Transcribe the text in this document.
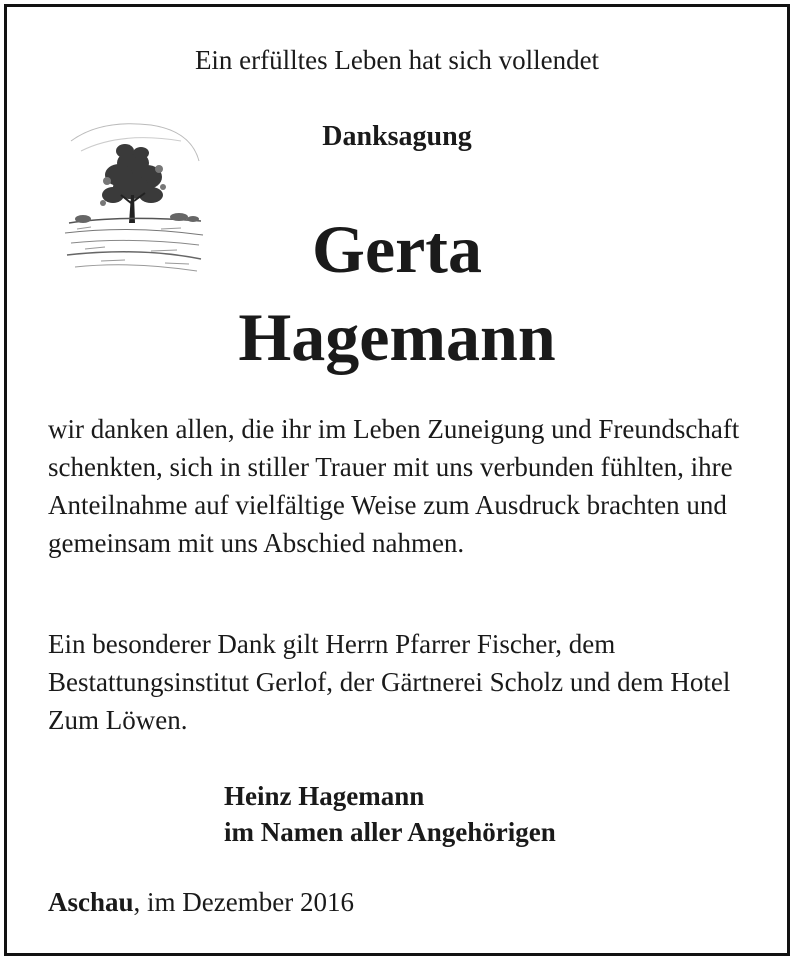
Ein erfülltes Leben hat sich vollendet
Danksagung
Gerta
Hagemann

wir danken allen, die ihr im Leben Zuneigung und Freundschaft schenkten, sich in stiller Trauer mit uns verbunden fühlten, ihre Anteilnahme auf vielfältige Weise zum Ausdruck brachten und gemeinsam mit uns Abschied nahmen.

Ein besonderer Dank gilt Herrn Pfarrer Fischer, dem Bestattungsinstitut Gerlof, der Gärtnerei Scholz und dem Hotel Zum Löwen.

Heinz Hagemann
im Namen aller Angehörigen
Aschau, im Dezember 2016
